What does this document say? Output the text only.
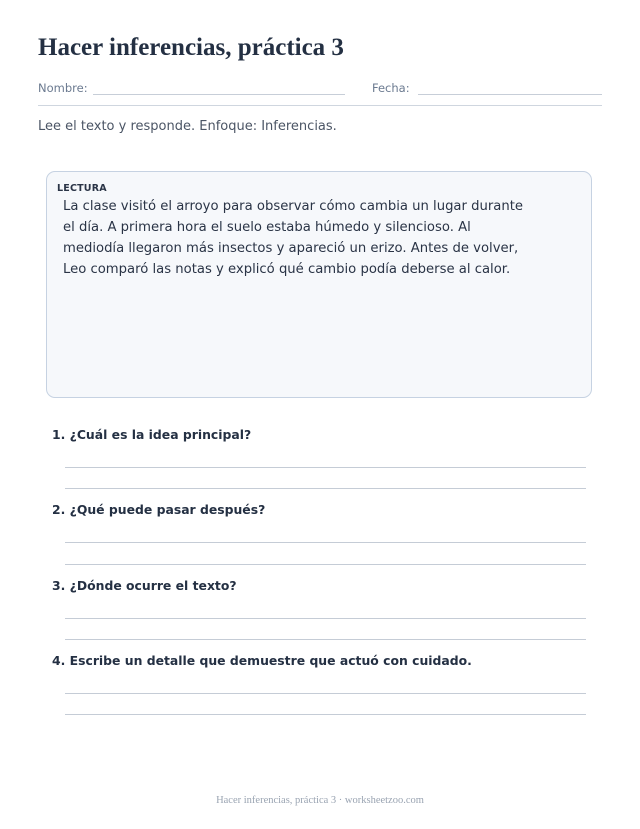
Hacer inferencias, práctica 3
Nombre:	Fecha:
Lee el texto y responde. Enfoque: Inferencias.
LECTURA

La clase visitó el arroyo para observar cómo cambia un lugar durante el día. A primera hora el suelo estaba húmedo y silencioso. Al mediodía llegaron más insectos y apareció un erizo. Antes de volver, Leo comparó las notas y explicó qué cambio podía deberse al calor.

1. ¿Cuál es la idea principal?

2. ¿Qué puede pasar después?

3. ¿Dónde ocurre el texto?

4. Escribe un detalle que demuestre que actuó con cuidado.

Hacer inferencias, práctica 3 · worksheetzoo.com
